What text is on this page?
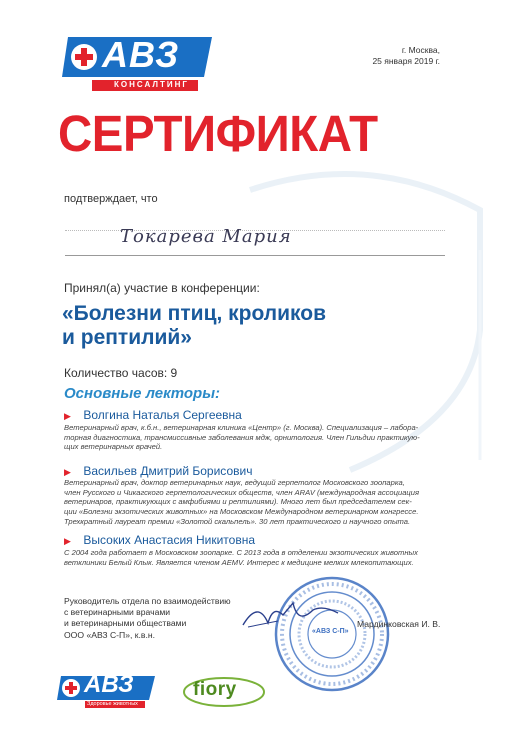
АВЗ
КОНСАЛТИНГ
г. Москва,
25 января 2019 г.
СЕРТИФИКАТ
подтверждает, что
Токарева Мария
Принял(а) участие в конференции:
«Болезни птиц, кроликов
и рептилий»
Количество часов: 9
Основные лекторы:
▶ Волгина Наталья Сергеевна
Ветеринарный врач, к.б.н., ветеринарная клиника «Центр» (г. Москва). Специализация – лабора-
торная диагностика, трансмиссивные заболевания мдж, орнитология. Член Гильдии практикую-
щих ветеринарных врачей.
▶ Васильев Дмитрий Борисович
Ветеринарный врач, доктор ветеринарных наук, ведущий герпетолог Московского зоопарка,
член Русского и Чикагского герпетологических обществ, член ARAV (международная ассоциация
ветеринаров, практикующих с амфибиями и рептилиями). Много лет был председателем сек-
ции «Болезни экзотических животных» на Московском Международном ветеринарном конгрессе.
Трехкратный лауреат премии «Золотой скальпель». 30 лет практического и научного опыта.
▶ Высоких Анастасия Никитовна
С 2004 года работает в Московском зоопарке. С 2013 года в отделении экзотических животных
ветклиники Белый Клык. Является членом AEMV. Интерес к медицине мелких млекопитающих.
Руководитель отдела по взаимодействию
с ветеринарными врачами
и ветеринарными обществами
ООО «АВЗ С-П», к.в.н.	«АВЗ С-П»
Мардинковская И. В.
АВЗ
Здоровье животных
fiory
